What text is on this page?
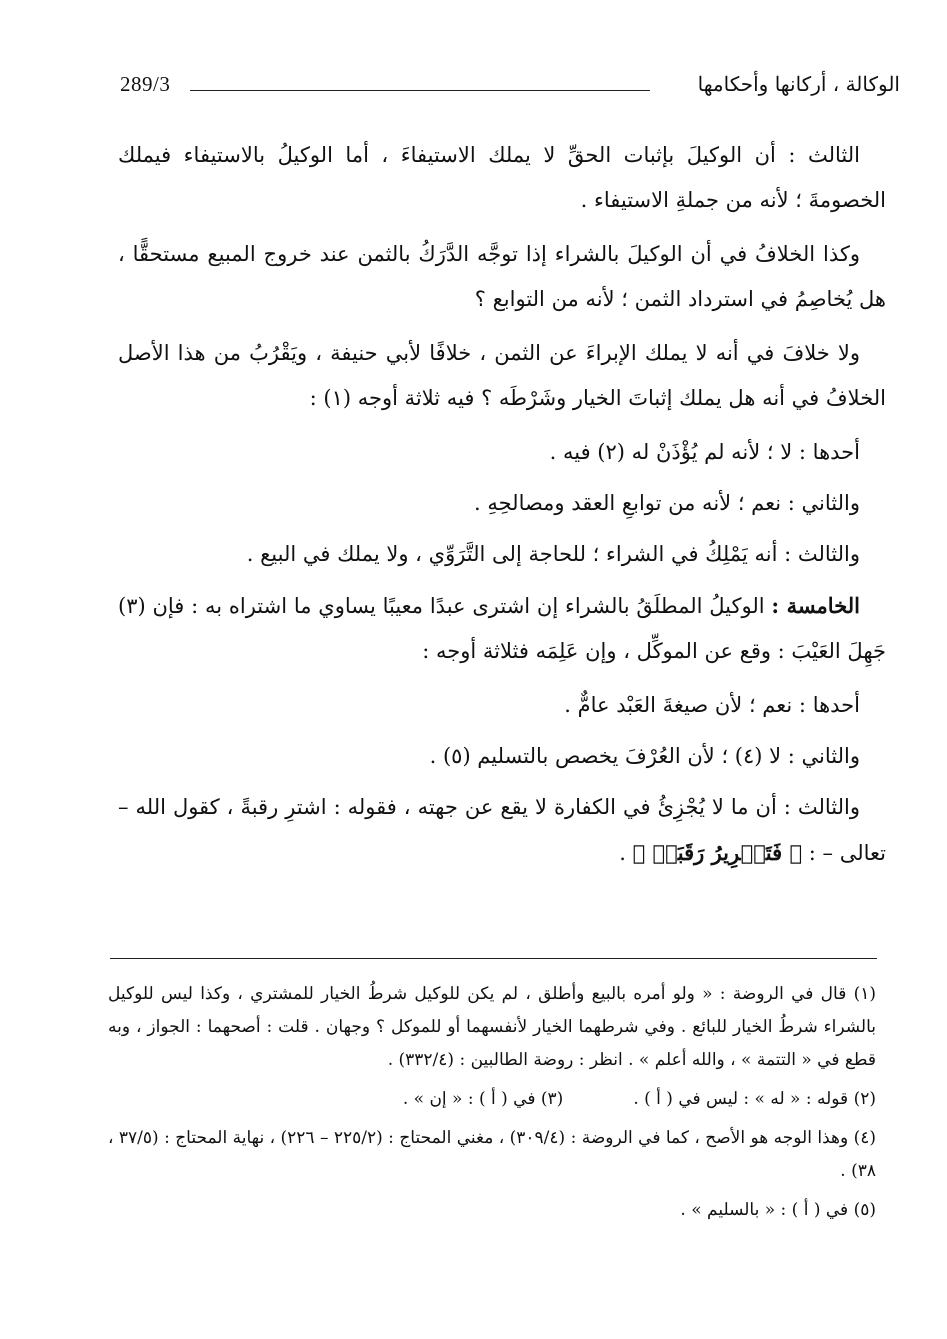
289/3	الوكالة ، أركانها وأحكامها

الثالث : أن الوكيلَ بإثبات الحقِّ لا يملك الاستيفاءَ ، أما الوكيلُ بالاستيفاء فيملك الخصومةَ ؛ لأنه من جملةِ الاستيفاء .

وكذا الخلافُ في أن الوكيلَ بالشراء إذا توجَّه الدَّرَكُ بالثمن عند خروج المبيع مستحقًّا ، هل يُخاصِمُ في استرداد الثمن ؛ لأنه من التوابع ؟

ولا خلافَ في أنه لا يملك الإبراءَ عن الثمن ، خلافًا لأبي حنيفة ، ويَقْرُبُ من هذا الأصل الخلافُ في أنه هل يملك إثباتَ الخيار وشَرْطَه ؟ فيه ثلاثة أوجه (١) :

أحدها : لا ؛ لأنه لم يُؤْذَنْ له (٢) فيه .

والثاني : نعم ؛ لأنه من توابعِ العقد ومصالحِهِ .

والثالث : أنه يَمْلِكُ في الشراء ؛ للحاجة إلى التَّرَوِّي ، ولا يملك في البيع .

الخامسة : الوكيلُ المطلَقُ بالشراء إن اشترى عبدًا معيبًا يساوي ما اشتراه به : فإن (٣) جَهِلَ العَيْبَ : وقع عن الموكِّل ، وإن عَلِمَه فثلاثة أوجه :

أحدها : نعم ؛ لأن صيغةَ العَبْد عامٌّ .

والثاني : لا (٤) ؛ لأن العُرْفَ يخصص بالتسليم (٥) .

والثالث : أن ما لا يُجْزِئُ في الكفارة لا يقع عن جهته ، فقوله : اشترِ رقبةً ، كقول الله – تعالى – : ﴿ فَتَحۡرِيرُ رَقَبَةٖ ﴾ .

(١) قال في الروضة : « ولو أمره بالبيع وأطلق ، لم يكن للوكيل شرطُ الخيار للمشتري ، وكذا ليس للوكيل بالشراء شرطُ الخيار للبائع . وفي شرطهما الخيار لأنفسهما أو للموكل ؟ وجهان . قلت : أصحهما : الجواز ، وبه قطع في « التتمة » ، والله أعلم » . انظر : روضة الطالبين : (٣٣٢/٤) .

(٢) قوله : « له » : ليس في ( أ ) .
(٣) في ( أ ) : « إن » .

(٤) وهذا الوجه هو الأصح ، كما في الروضة : (٣٠٩/٤) ، مغني المحتاج : (٢٢٥/٢ – ٢٢٦) ، نهاية المحتاج : (٣٧/٥ ، ٣٨) .

(٥) في ( أ ) : « بالسليم » .
